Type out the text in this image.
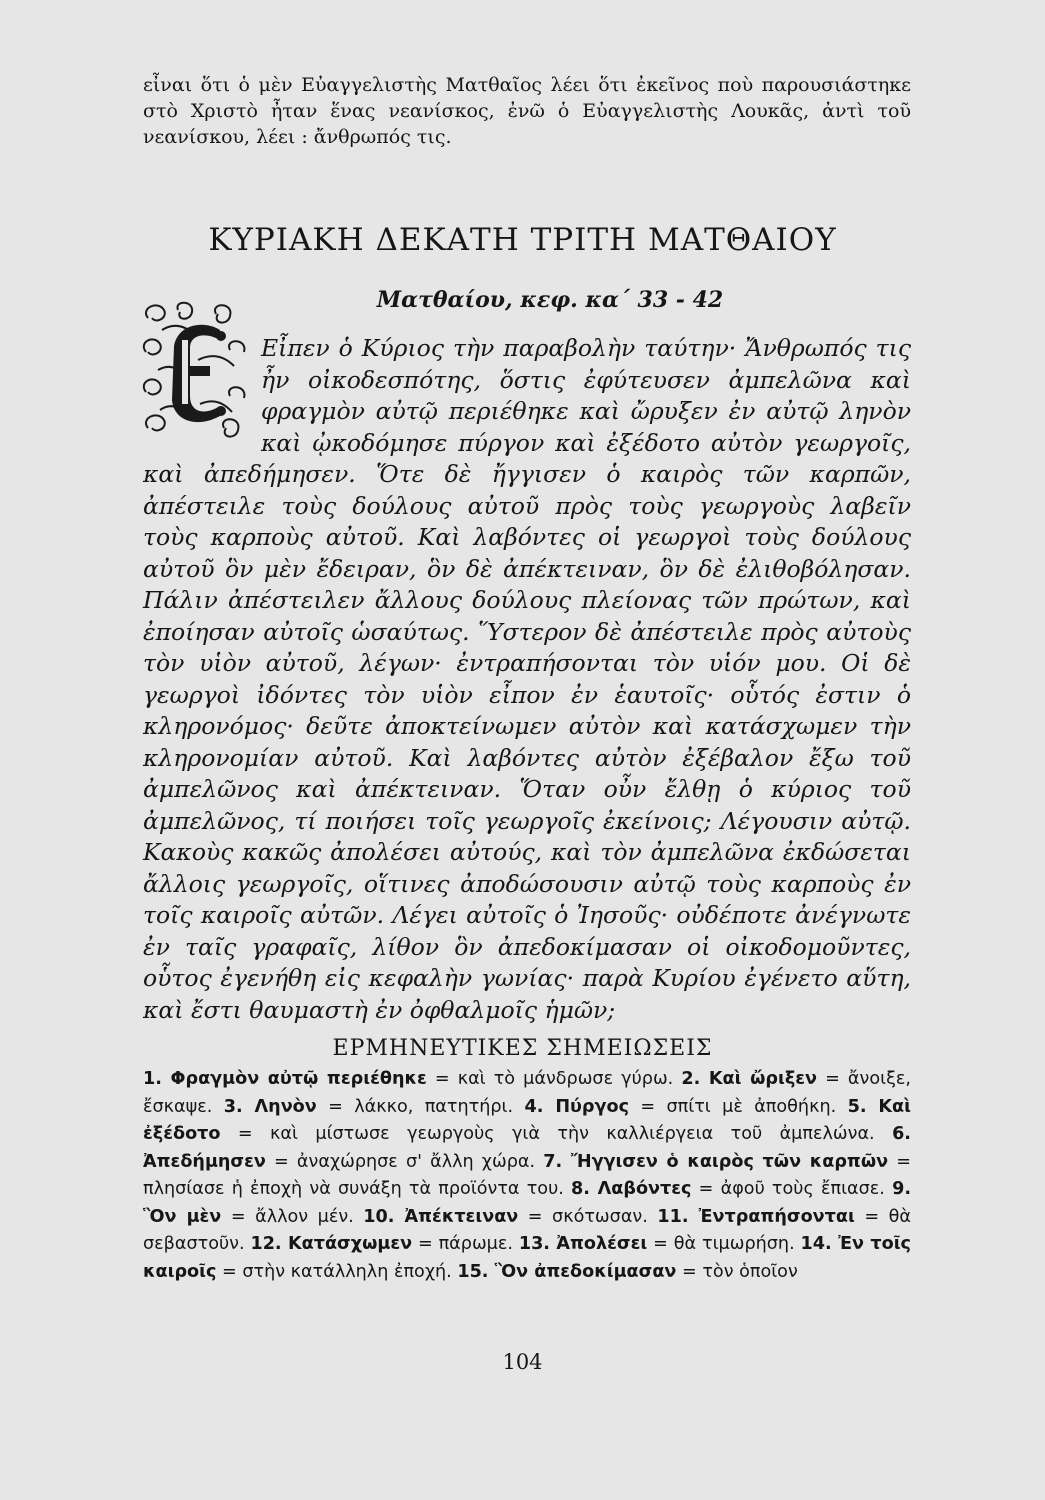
εἶναι ὅτι ὁ μὲν Εὐαγγελιστὴς Ματθαῖος λέει ὅτι ἐκεῖνος ποὺ παρουσιάστηκε στὸ Χριστὸ ἦταν ἕνας νεανίσκος, ἐνῶ ὁ Εὐαγγελιστὴς Λουκᾶς, ἀντὶ τοῦ νεανίσκου, λέει : ἄνθρωπός τις.

ΚΥΡΙΑΚΗ ΔΕΚΑΤΗ ΤΡΙΤΗ ΜΑΤΘΑΙΟΥ

Ματθαίου, κεφ. κα΄ 33 - 42

Εἶπεν ὁ Κύριος τὴν παραβολὴν ταύτην· Ἄνθρωπός τις ἦν οἰκοδεσπότης, ὅστις ἐφύτευσεν ἀμπελῶνα καὶ φραγμὸν αὐτῷ περιέθηκε καὶ ὤρυξεν ἐν αὐτῷ ληνὸν καὶ ᾠκοδόμησε πύργον καὶ ἐξέδοτο αὐτὸν γεωργοῖς, καὶ ἀπεδήμησεν. Ὅτε δὲ ἤγγισεν ὁ καιρὸς τῶν καρπῶν, ἀπέστειλε τοὺς δούλους αὐτοῦ πρὸς τοὺς γεωργοὺς λαβεῖν τοὺς καρποὺς αὐτοῦ. Καὶ λαβόντες οἱ γεωργοὶ τοὺς δούλους αὐτοῦ ὃν μὲν ἔδειραν, ὃν δὲ ἀπέκτειναν, ὃν δὲ ἐλιθοβόλησαν. Πάλιν ἀπέστειλεν ἄλλους δούλους πλείονας τῶν πρώτων, καὶ ἐποίησαν αὐτοῖς ὡσαύτως. Ὕστερον δὲ ἀπέστειλε πρὸς αὐτοὺς τὸν υἱὸν αὐτοῦ, λέγων· ἐντραπήσονται τὸν υἱόν μου. Οἱ δὲ γεωργοὶ ἰδόντες τὸν υἱὸν εἶπον ἐν ἑαυτοῖς· οὗτός ἐστιν ὁ κληρονόμος· δεῦτε ἀποκτείνωμεν αὐτὸν καὶ κατάσχωμεν τὴν κληρονομίαν αὐτοῦ. Καὶ λαβόντες αὐτὸν ἐξέβαλον ἔξω τοῦ ἀμπελῶνος καὶ ἀπέκτειναν. Ὅταν οὖν ἔλθῃ ὁ κύριος τοῦ ἀμπελῶνος, τί ποιήσει τοῖς γεωργοῖς ἐκείνοις; Λέγουσιν αὐτῷ. Κακοὺς κακῶς ἀπολέσει αὐτούς, καὶ τὸν ἀμπελῶνα ἐκδώσεται ἄλλοις γεωργοῖς, οἵτινες ἀποδώσουσιν αὐτῷ τοὺς καρποὺς ἐν τοῖς καιροῖς αὐτῶν. Λέγει αὐτοῖς ὁ Ἰησοῦς· οὐδέποτε ἀνέγνωτε ἐν ταῖς γραφαῖς, λίθον ὃν ἀπεδοκίμασαν οἱ οἰκοδομοῦντες, οὗτος ἐγενήθη εἰς κεφαλὴν γωνίας· παρὰ Κυρίου ἐγένετο αὕτη, καὶ ἔστι θαυμαστὴ ἐν ὀφθαλμοῖς ἡμῶν;

ΕΡΜΗΝΕΥΤΙΚΕΣ ΣΗΜΕΙΩΣΕΙΣ

1. Φραγμὸν αὐτῷ περιέθηκε = καὶ τὸ μάνδρωσε γύρω. 2. Καὶ ὤριξεν = ἄνοιξε, ἔσκαψε. 3. Ληνὸν = λάκκο, πατητήρι. 4. Πύργος = σπίτι μὲ ἀποθήκη. 5. Καὶ ἐξέδοτο = καὶ μίστωσε γεωργοὺς γιὰ τὴν καλλιέργεια τοῦ ἀμπελώνα. 6. Ἀπεδήμησεν = ἀναχώρησε σ' ἄλλη χώρα. 7. Ἤγγισεν ὁ καιρὸς τῶν καρπῶν = πλησίασε ἡ ἐποχὴ νὰ συνάξη τὰ προϊόντα του. 8. Λαβόντες = ἀφοῦ τοὺς ἔπιασε. 9. Ὃν μὲν = ἄλλον μέν. 10. Ἀπέκτειναν = σκότωσαν. 11. Ἐντραπήσονται = θὰ σεβαστοῦν. 12. Κατάσχωμεν = πάρωμε. 13. Ἀπολέσει = θὰ τιμωρήση. 14. Ἐν τοῖς καιροῖς = στὴν κατάλληλη ἐποχή. 15. Ὃν ἀπεδοκίμασαν = τὸν ὁποῖον

104
